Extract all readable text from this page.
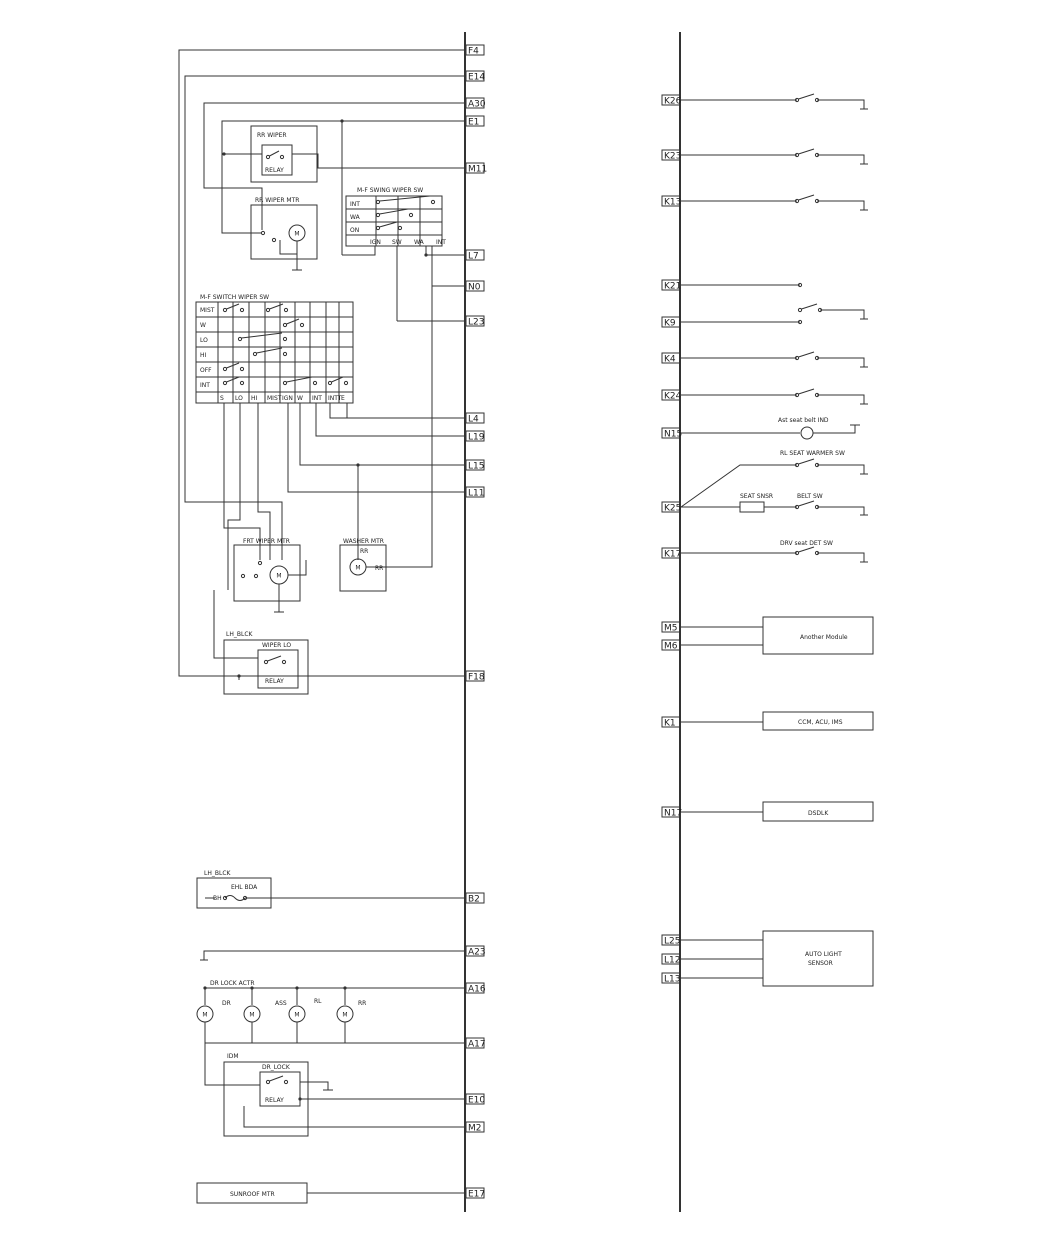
F4
E14
A30
E1
M11
L7
N0
L23
L4
L19
L15
L11
F18
B2
A23
A16
A17
E10
M2
E17
K26
K23
K13
K21
K9
K4
K24
N15
K25
K17
M5
M6
K1
N17
L25
L12
L13
RR WIPER
RELAY
RR WIPER MTR
M
M-F SWING WIPER SW
INT
WA
ON
IGN SW WA INT
M-F SWITCH WIPER SW
MIST
W
LO
HI
OFF
INT
S LO HI MIST IGN W INT INTT E
FRT WIPER MTR
M
WASHER MTR
M
RR
RR
LH_BLCK
WIPER LO
RELAY
LH_BLCK
EHL BDA
BH
DR LOCK ACTR
M	M	M	M
DR	ASS	RL	RR
IDM
DR_LOCK
RELAY
SUNROOF MTR
Ast seat belt IND
RL SEAT WARMER SW
SEAT SNSR	BELT SW
DRV seat DET SW
Another Module
CCM, ACU, IMS
DSDLK
AUTO LIGHT
SENSOR
